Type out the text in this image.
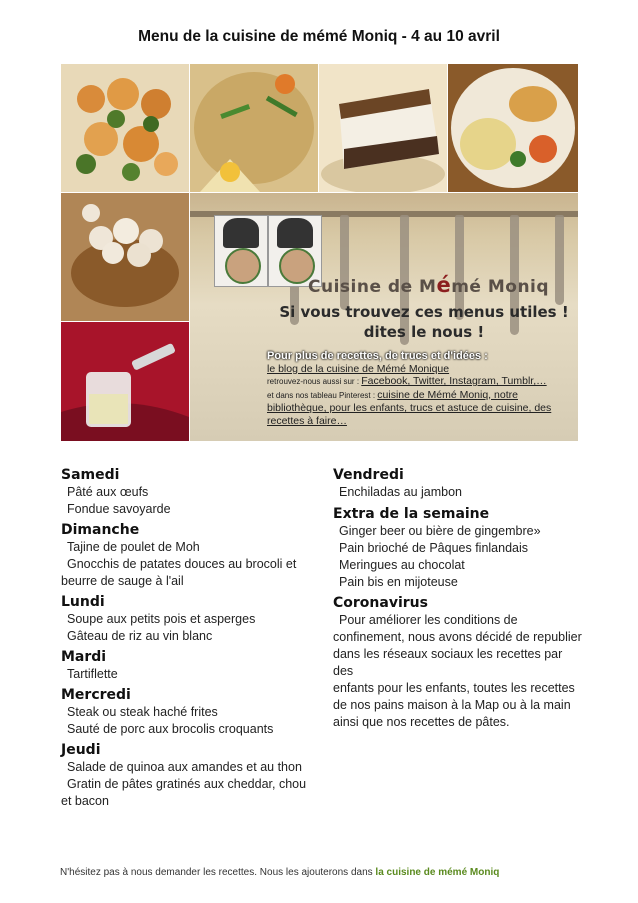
Menu de la cuisine de mémé Moniq - 4 au 10 avril
Cuisine de Mémé Moniq
Si vous trouvez ces menus utiles !
dites le nous !
Pour plus de recettes, de trucs et d'idées :
le blog de la cuisine de Mémé Monique
retrouvez-nous aussi sur : Facebook, Twitter, Instagram, Tumblr,…
et dans nos tableau Pinterest : cuisine de Mémé Moniq, notre bibliothèque, pour les enfants, trucs et astuce de cuisine, des recettes à faire…

Samedi

Pâté aux œufs

Fondue savoyarde

Dimanche

Tajine de poulet de Moh

Gnocchis de patates douces au brocoli et

beurre de sauge à l'ail

Lundi

Soupe aux petits pois et asperges

Gâteau de riz au vin blanc

Mardi

Tartiflette

Mercredi

Steak ou steak haché frites

Sauté de porc aux brocolis croquants

Jeudi

Salade de quinoa aux amandes et au thon

Gratin de pâtes gratinés aux cheddar, chou

et bacon

Vendredi

Enchiladas au jambon

Extra de la semaine

Ginger beer ou bière de gingembre»

Pain brioché de Pâques finlandais

Meringues au chocolat

Pain bis en mijoteuse

Coronavirus

Pour améliorer les conditions de

confinement, nous avons décidé de republier

dans les réseaux sociaux les recettes par des

enfants pour les enfants, toutes les recettes

de nos pains maison à la Map ou à la main

ainsi que nos recettes de pâtes.

N'hésitez pas à nous demander les recettes. Nous les ajouterons dans la cuisine de mémé Moniq
